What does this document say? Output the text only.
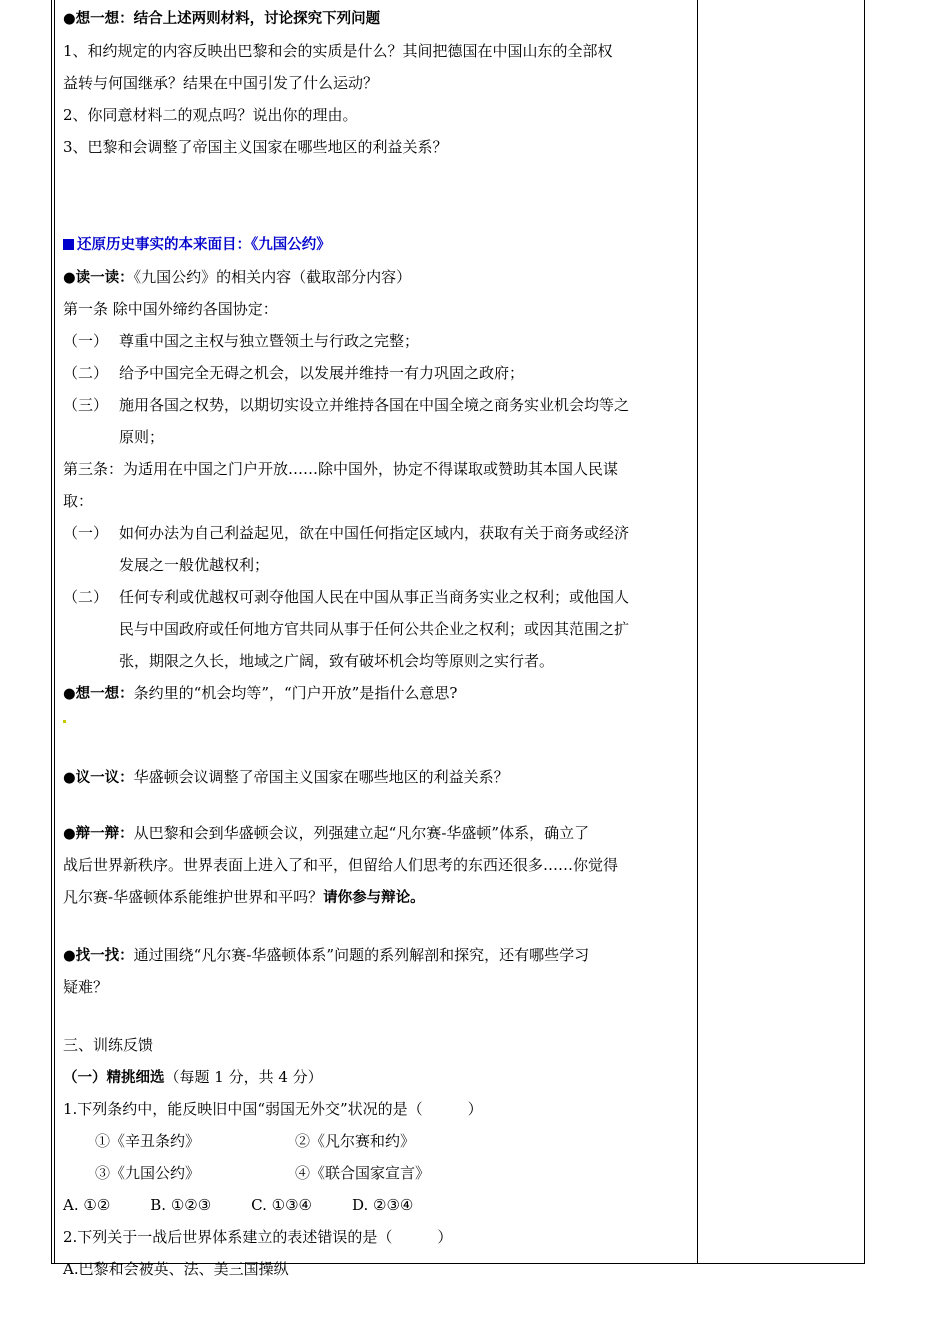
●想一想：结合上述两则材料，讨论探究下列问题
1、和约规定的内容反映出巴黎和会的实质是什么？其间把德国在中国山东的全部权
益转与何国继承？结果在中国引发了什么运动？
2、你同意材料二的观点吗？说出你的理由。
3、巴黎和会调整了帝国主义国家在哪些地区的利益关系？
还原历史事实的本来面目：《九国公约》
●读一读：《九国公约》的相关内容（截取部分内容）
第一条 除中国外缔约各国协定：
（一） 尊重中国之主权与独立暨领土与行政之完整；
（二） 给予中国完全无碍之机会，以发展并维持一有力巩固之政府；
（三） 施用各国之权势，以期切实设立并维持各国在中国全境之商务实业机会均等之
原则；
第三条：为适用在中国之门户开放……除中国外，协定不得谋取或赞助其本国人民谋
取：
（一） 如何办法为自己利益起见，欲在中国任何指定区域内，获取有关于商务或经济
发展之一般优越权利；
（二） 任何专利或优越权可剥夺他国人民在中国从事正当商务实业之权利；或他国人
民与中国政府或任何地方官共同从事于任何公共企业之权利；或因其范围之扩
张，期限之久长，地域之广阔，致有破坏机会均等原则之实行者。
●想一想：条约里的“机会均等”，“门户开放”是指什么意思?
●议一议：华盛顿会议调整了帝国主义国家在哪些地区的利益关系？
●辩一辩：从巴黎和会到华盛顿会议，列强建立起“凡尔赛-华盛顿”体系，确立了
战后世界新秩序。世界表面上进入了和平，但留给人们思考的东西还很多……你觉得
凡尔赛-华盛顿体系能维护世界和平吗？请你参与辩论。
●找一找：通过围绕“凡尔赛-华盛顿体系”问题的系列解剖和探究，还有哪些学习
疑难？
三、训练反馈
（一）精挑细选（每题 1 分，共 4 分）
1.下列条约中，能反映旧中国“弱国无外交”状况的是（　　　）
①《辛丑条约》	②《凡尔赛和约》
③《九国公约》	④《联合国家宣言》
A. ①②	B. ①②③	C. ①③④	D. ②③④
2.下列关于一战后世界体系建立的表述错误的是（　　　）
A.巴黎和会被英、法、美三国操纵
